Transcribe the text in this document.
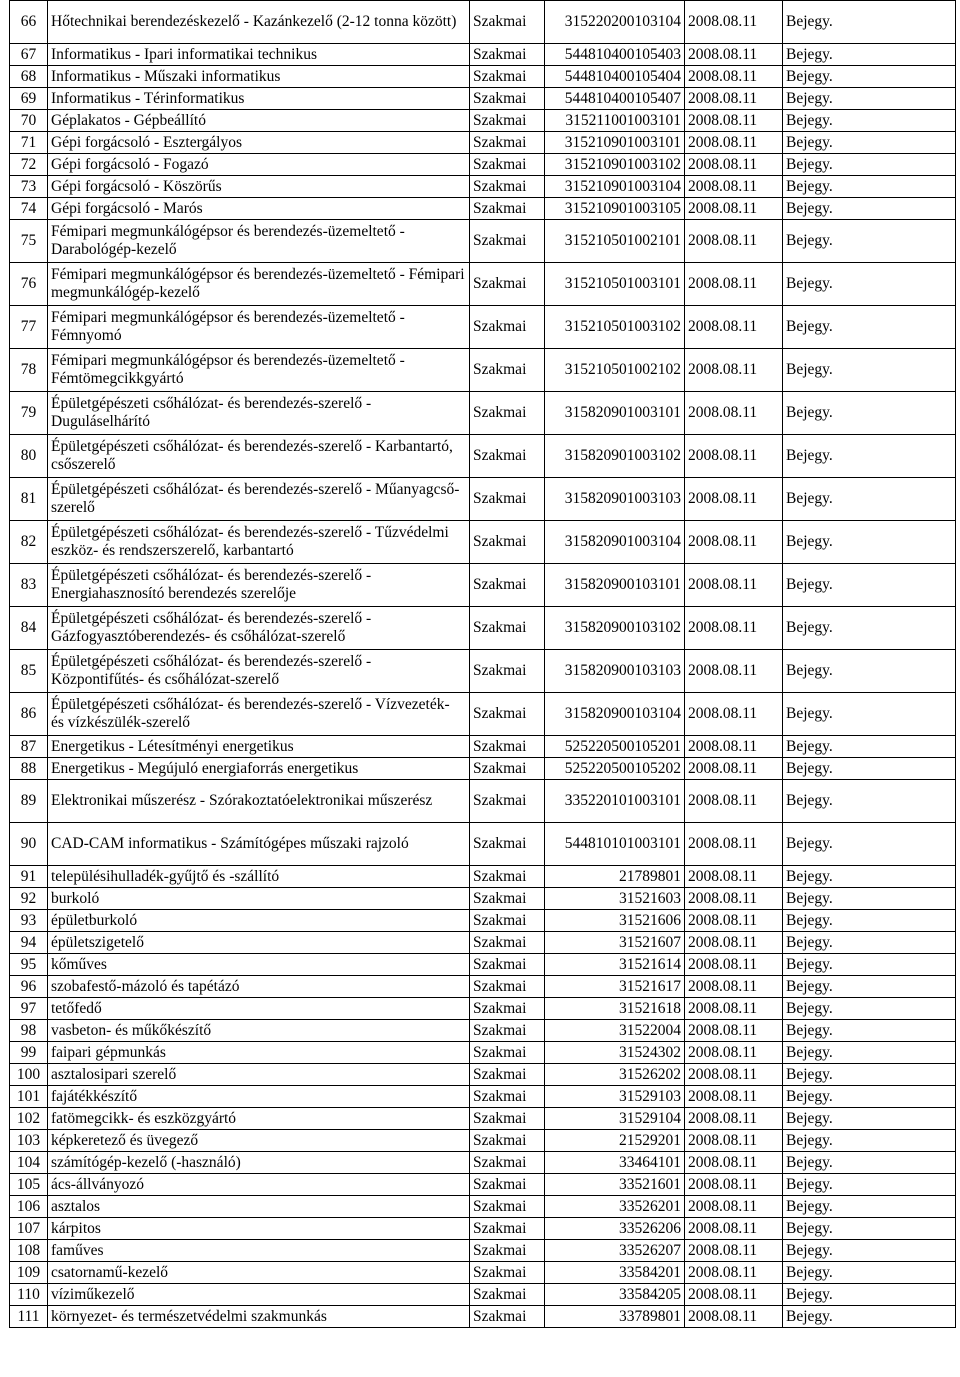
66	Hőtechnikai berendezéskezelő - Kazánkezelő (2-12 tonna között)	Szakmai	315220200103104	2008.08.11	Bejegy.
67	Informatikus - Ipari informatikai technikus	Szakmai	544810400105403	2008.08.11	Bejegy.
68	Informatikus - Műszaki informatikus	Szakmai	544810400105404	2008.08.11	Bejegy.
69	Informatikus - Térinformatikus	Szakmai	544810400105407	2008.08.11	Bejegy.
70	Géplakatos - Gépbeállító	Szakmai	315211001003101	2008.08.11	Bejegy.
71	Gépi forgácsoló - Esztergályos	Szakmai	315210901003101	2008.08.11	Bejegy.
72	Gépi forgácsoló - Fogazó	Szakmai	315210901003102	2008.08.11	Bejegy.
73	Gépi forgácsoló - Köszörűs	Szakmai	315210901003104	2008.08.11	Bejegy.
74	Gépi forgácsoló - Marós	Szakmai	315210901003105	2008.08.11	Bejegy.
75	Fémipari megmunkálógépsor és berendezés-üzemeltető - Darabológép-kezelő	Szakmai	315210501002101	2008.08.11	Bejegy.
76	Fémipari megmunkálógépsor és berendezés-üzemeltető - Fémipari megmunkálógép-kezelő	Szakmai	315210501003101	2008.08.11	Bejegy.
77	Fémipari megmunkálógépsor és berendezés-üzemeltető - Fémnyomó	Szakmai	315210501003102	2008.08.11	Bejegy.
78	Fémipari megmunkálógépsor és berendezés-üzemeltető - Fémtömegcikkgyártó	Szakmai	315210501002102	2008.08.11	Bejegy.
79	Épületgépészeti csőhálózat- és berendezés-szerelő - Duguláselhárító	Szakmai	315820901003101	2008.08.11	Bejegy.
80	Épületgépészeti csőhálózat- és berendezés-szerelő - Karbantartó, csőszerelő	Szakmai	315820901003102	2008.08.11	Bejegy.
81	Épületgépészeti csőhálózat- és berendezés-szerelő - Műanyagcső-szerelő	Szakmai	315820901003103	2008.08.11	Bejegy.
82	Épületgépészeti csőhálózat- és berendezés-szerelő - Tűzvédelmi eszköz- és rendszerszerelő, karbantartó	Szakmai	315820901003104	2008.08.11	Bejegy.
83	Épületgépészeti csőhálózat- és berendezés-szerelő - Energiahasznosító berendezés szerelője	Szakmai	315820900103101	2008.08.11	Bejegy.
84	Épületgépészeti csőhálózat- és berendezés-szerelő - Gázfogyasztóberendezés- és csőhálózat-szerelő	Szakmai	315820900103102	2008.08.11	Bejegy.
85	Épületgépészeti csőhálózat- és berendezés-szerelő - Központifűtés- és csőhálózat-szerelő	Szakmai	315820900103103	2008.08.11	Bejegy.
86	Épületgépészeti csőhálózat- és berendezés-szerelő - Vízvezeték- és vízkészülék-szerelő	Szakmai	315820900103104	2008.08.11	Bejegy.
87	Energetikus - Létesítményi energetikus	Szakmai	525220500105201	2008.08.11	Bejegy.
88	Energetikus - Megújuló energiaforrás energetikus	Szakmai	525220500105202	2008.08.11	Bejegy.
89	Elektronikai műszerész - Szórakoztatóelektronikai műszerész	Szakmai	335220101003101	2008.08.11	Bejegy.
90	CAD-CAM informatikus - Számítógépes műszaki rajzoló	Szakmai	544810101003101	2008.08.11	Bejegy.
91	településihulladék-gyűjtő és -szállító	Szakmai	21789801	2008.08.11	Bejegy.
92	burkoló	Szakmai	31521603	2008.08.11	Bejegy.
93	épületburkoló	Szakmai	31521606	2008.08.11	Bejegy.
94	épületszigetelő	Szakmai	31521607	2008.08.11	Bejegy.
95	kőműves	Szakmai	31521614	2008.08.11	Bejegy.
96	szobafestő-mázoló és tapétázó	Szakmai	31521617	2008.08.11	Bejegy.
97	tetőfedő	Szakmai	31521618	2008.08.11	Bejegy.
98	vasbeton- és műkőkészítő	Szakmai	31522004	2008.08.11	Bejegy.
99	faipari gépmunkás	Szakmai	31524302	2008.08.11	Bejegy.
100	asztalosipari szerelő	Szakmai	31526202	2008.08.11	Bejegy.
101	fajátékkészítő	Szakmai	31529103	2008.08.11	Bejegy.
102	fatömegcikk- és eszközgyártó	Szakmai	31529104	2008.08.11	Bejegy.
103	képkeretező és üvegező	Szakmai	21529201	2008.08.11	Bejegy.
104	számítógép-kezelő (-használó)	Szakmai	33464101	2008.08.11	Bejegy.
105	ács-állványozó	Szakmai	33521601	2008.08.11	Bejegy.
106	asztalos	Szakmai	33526201	2008.08.11	Bejegy.
107	kárpitos	Szakmai	33526206	2008.08.11	Bejegy.
108	faműves	Szakmai	33526207	2008.08.11	Bejegy.
109	csatornamű-kezelő	Szakmai	33584201	2008.08.11	Bejegy.
110	víziműkezelő	Szakmai	33584205	2008.08.11	Bejegy.
111	környezet- és természetvédelmi szakmunkás	Szakmai	33789801	2008.08.11	Bejegy.
